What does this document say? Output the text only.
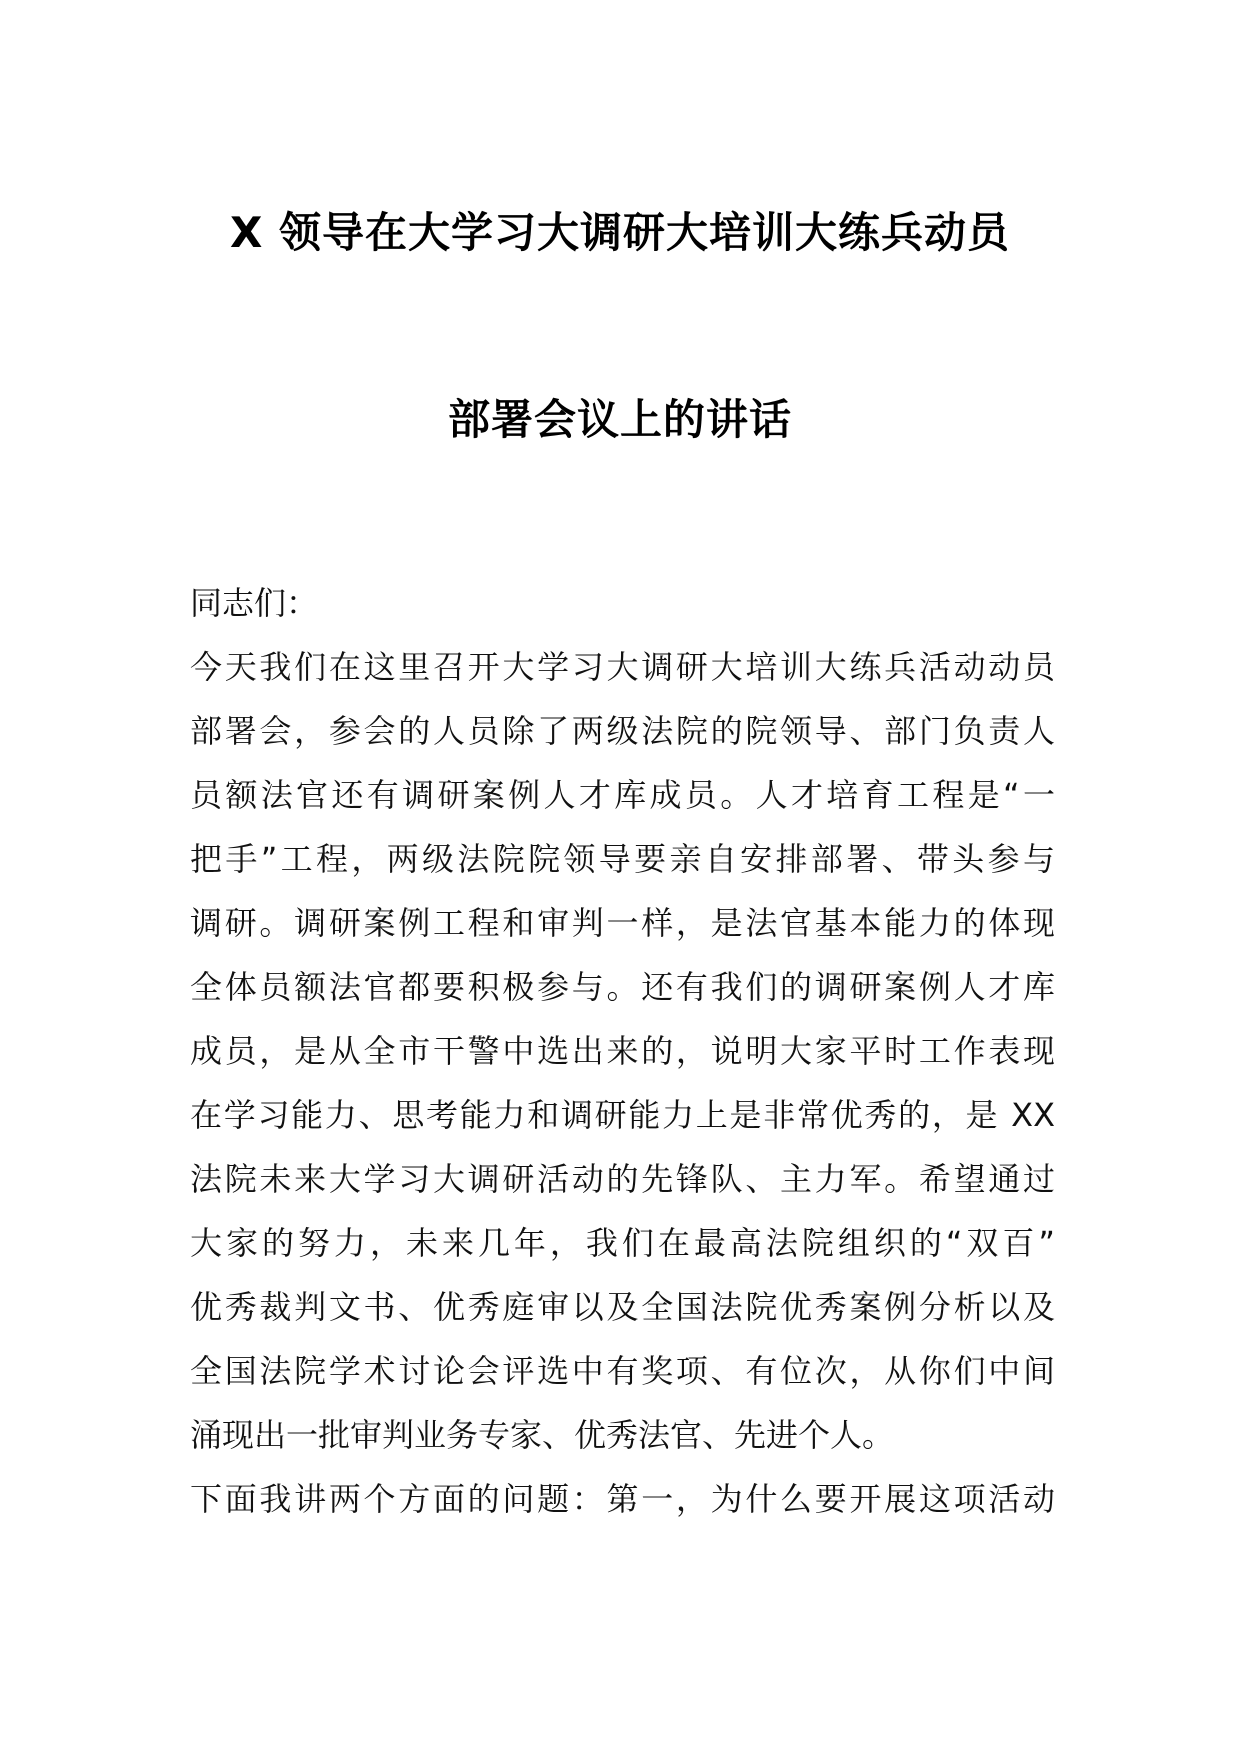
X 领导在大学习大调研大培训大练兵动员
部署会议上的讲话
同志们：
今天我们在这里召开大学习大调研大培训大练兵活动动员
部署会，参会的人员除了两级法院的院领导、部门负责人
员额法官还有调研案例人才库成员。人才培育工程是“一
把手”工程，两级法院院领导要亲自安排部署、带头参与
调研。调研案例工程和审判一样，是法官基本能力的体现
全体员额法官都要积极参与。还有我们的调研案例人才库
成员，是从全市干警中选出来的，说明大家平时工作表现
在学习能力、思考能力和调研能力上是非常优秀的，是 XX
法院未来大学习大调研活动的先锋队、主力军。希望通过
大家的努力，未来几年，我们在最高法院组织的“双百”
优秀裁判文书、优秀庭审以及全国法院优秀案例分析以及
全国法院学术讨论会评选中有奖项、有位次，从你们中间
涌现出一批审判业务专家、优秀法官、先进个人。
下面我讲两个方面的问题：第一，为什么要开展这项活动
